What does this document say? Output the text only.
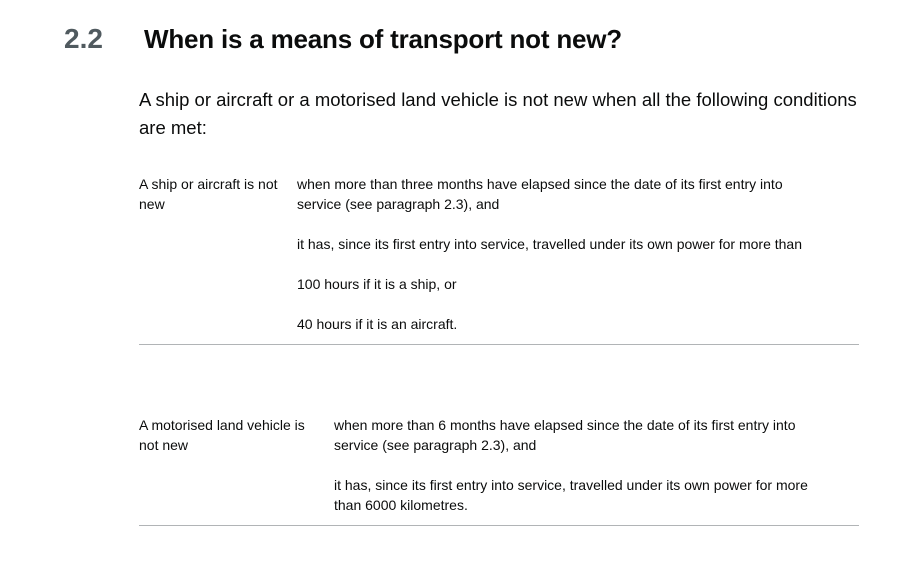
2.2 When is a means of transport not new?

A ship or aircraft or a motorised land vehicle is not new when all the following conditions are met:

A ship or aircraft is not new

when more than three months have elapsed since the date of its first entry into service (see paragraph 2.3), and

it has, since its first entry into service, travelled under its own power for more than

100 hours if it is a ship, or

40 hours if it is an aircraft.

A motorised land vehicle is not new

when more than 6 months have elapsed since the date of its first entry into service (see paragraph 2.3), and

it has, since its first entry into service, travelled under its own power for more than 6000 kilometres.
